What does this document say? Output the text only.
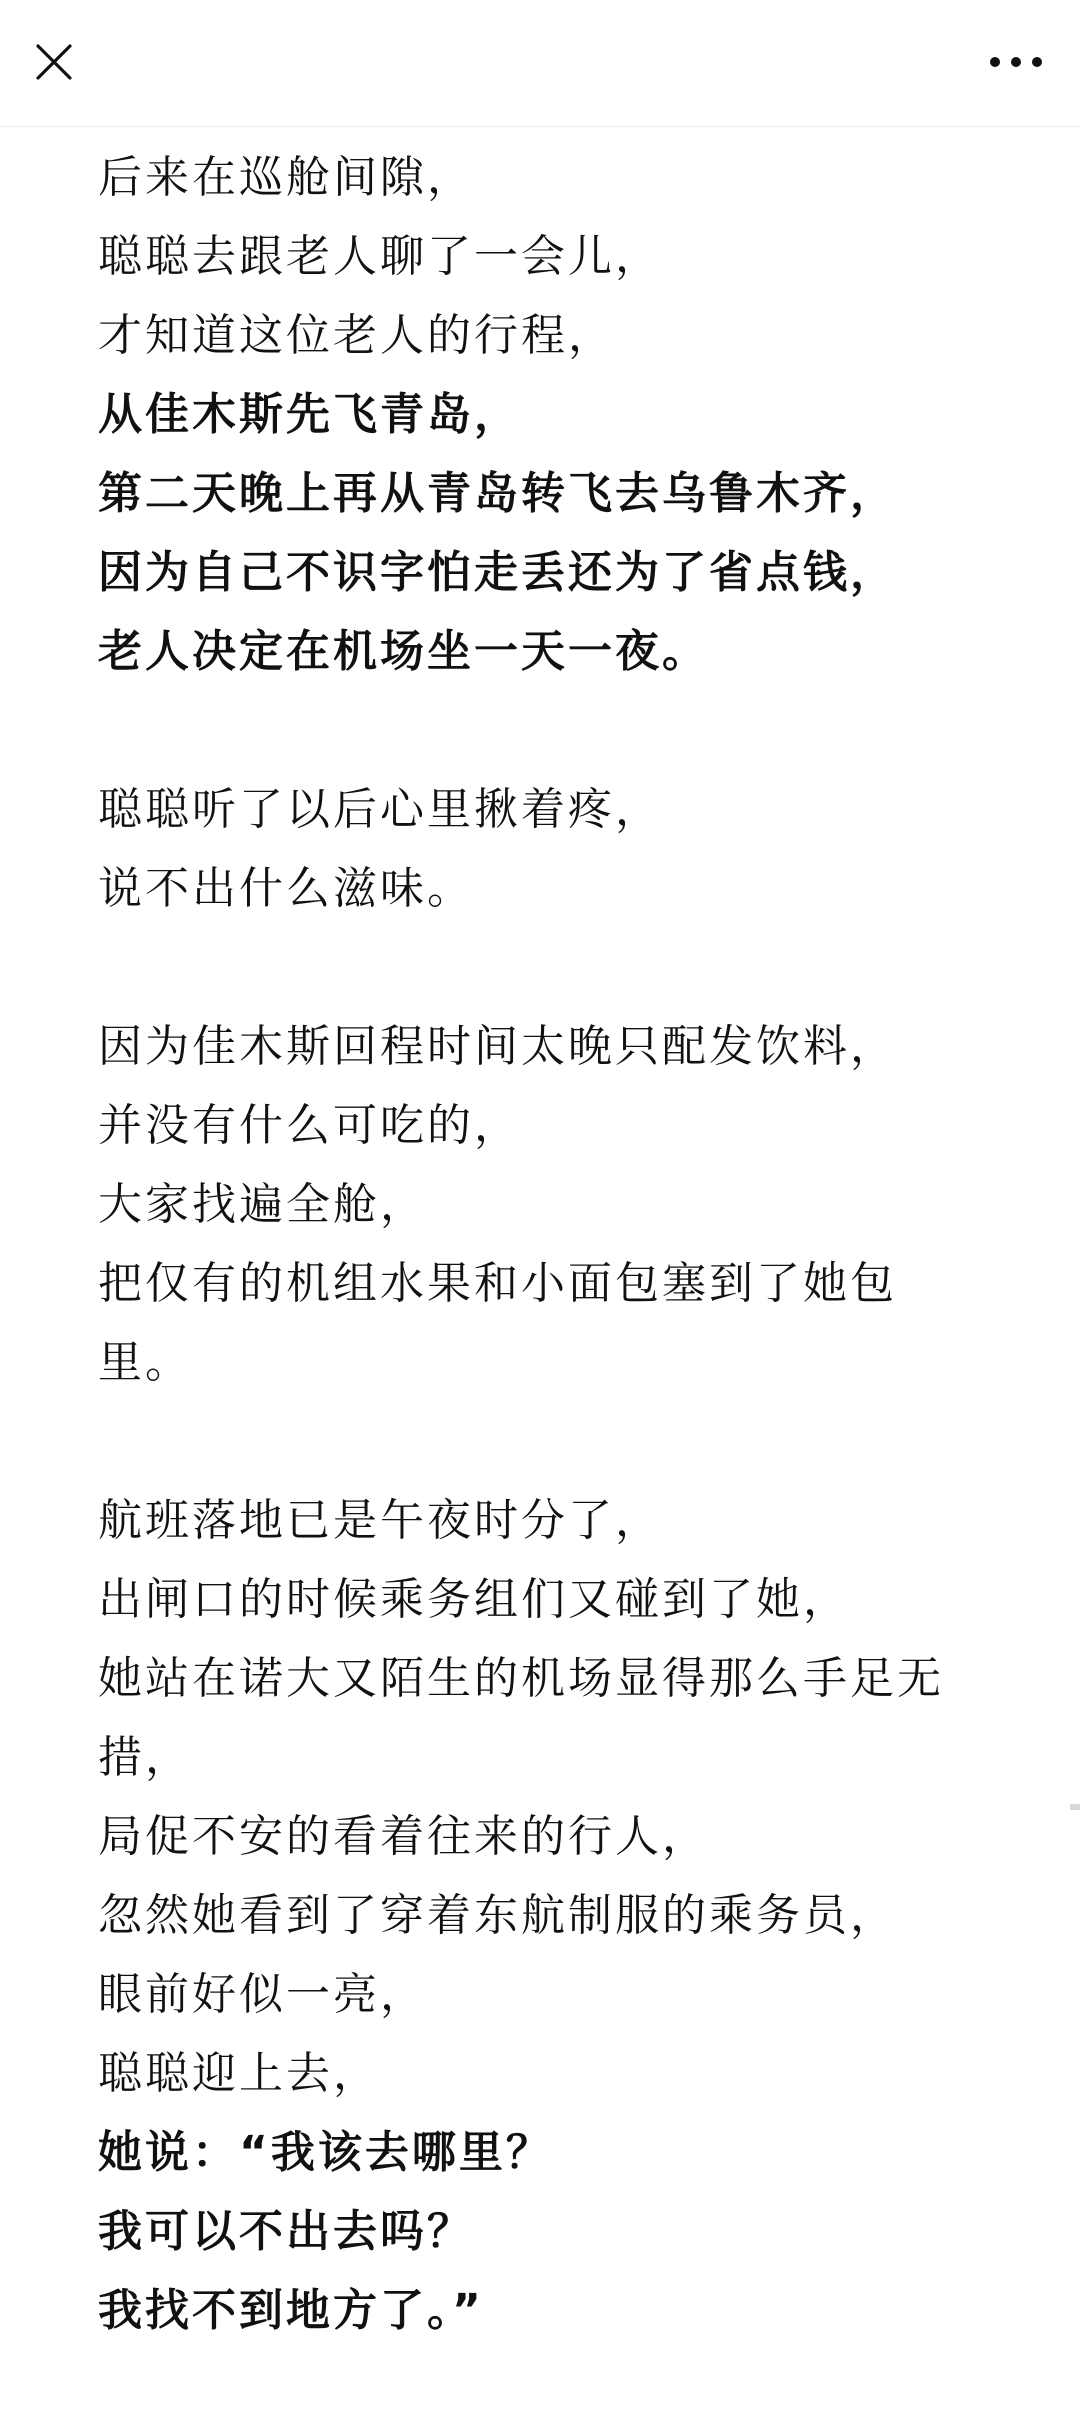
后来在巡舱间隙，

聪聪去跟老人聊了一会儿，

才知道这位老人的行程，

从佳木斯先飞青岛，

第二天晚上再从青岛转飞去乌鲁木齐，

因为自己不识字怕走丢还为了省点钱，

老人决定在机场坐一天一夜。

聪聪听了以后心里揪着疼，

说不出什么滋味。

因为佳木斯回程时间太晚只配发饮料，

并没有什么可吃的，

大家找遍全舱，

把仅有的机组水果和小面包塞到了她包

里。

航班落地已是午夜时分了，

出闸口的时候乘务组们又碰到了她，

她站在诺大又陌生的机场显得那么手足无

措，

局促不安的看着往来的行人，

忽然她看到了穿着东航制服的乘务员，

眼前好似一亮，

聪聪迎上去，

她说：“我该去哪里？

我可以不出去吗？

我找不到地方了。”
